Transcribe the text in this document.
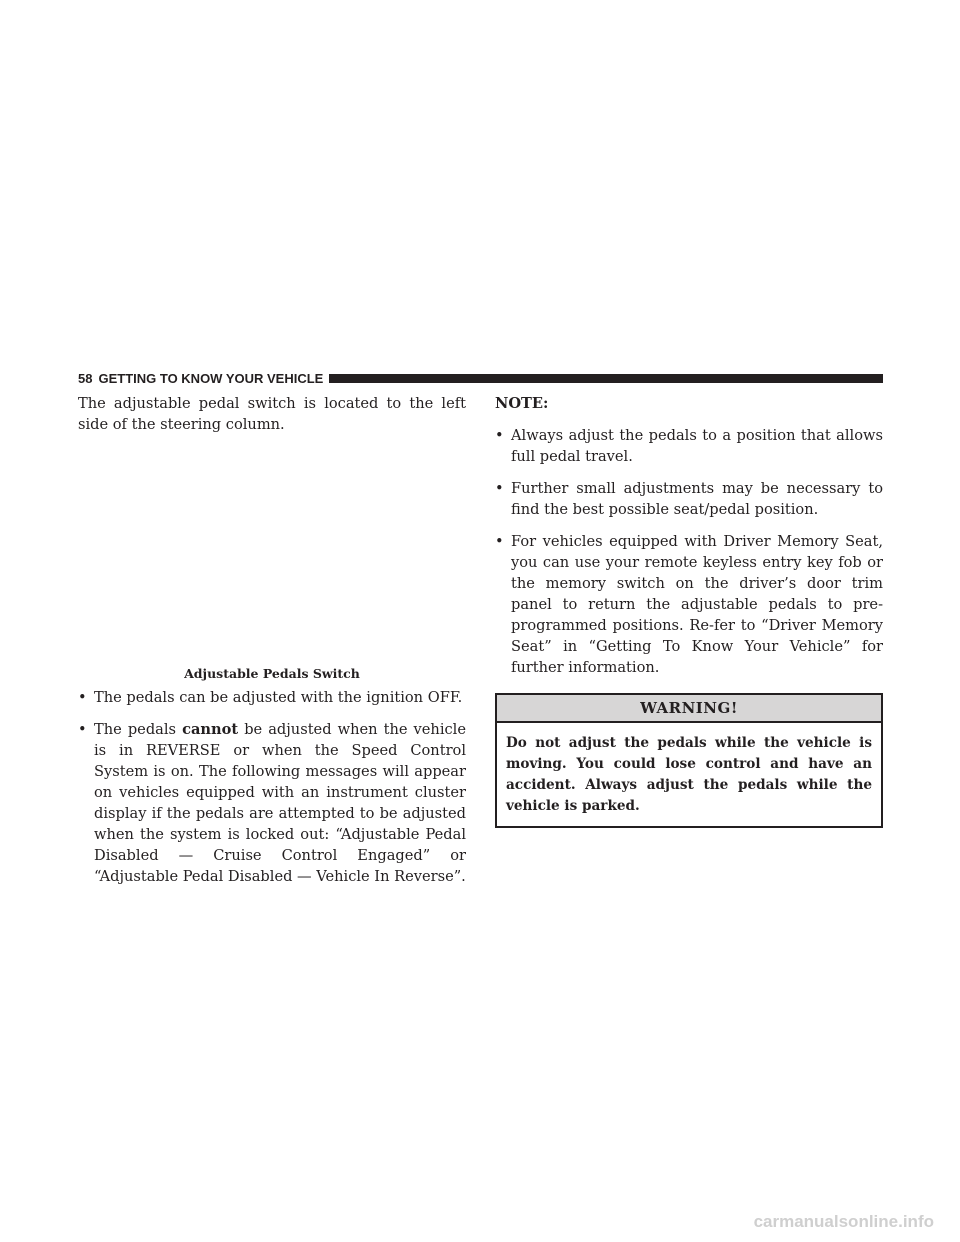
58 GETTING TO KNOW YOUR VEHICLE

The adjustable pedal switch is located to the left side of the steering column.

Adjustable Pedals Switch
• The pedals can be adjusted with the ignition OFF.
• The pedals cannot be adjusted when the vehicle is in REVERSE or when the Speed Control System is on. The following messages will appear on vehicles equipped with an instrument cluster display if the pedals are attempted to be adjusted when the system is locked out: “Adjustable Pedal Disabled — Cruise Control Engaged” or “Adjustable Pedal Disabled — Vehicle In Reverse”.
NOTE:
• Always adjust the pedals to a position that allows full pedal travel.
• Further small adjustments may be necessary to find the best possible seat/pedal position.
• For vehicles equipped with Driver Memory Seat, you can use your remote keyless entry key fob or the memory switch on the driver’s door trim panel to return the adjustable pedals to pre-programmed positions. Re-fer to “Driver Memory Seat” in “Getting To Know Your Vehicle” for further information.
WARNING!
Do not adjust the pedals while the vehicle is moving. You could lose control and have an accident. Always adjust the pedals while the vehicle is parked.
carmanualsonline.info
